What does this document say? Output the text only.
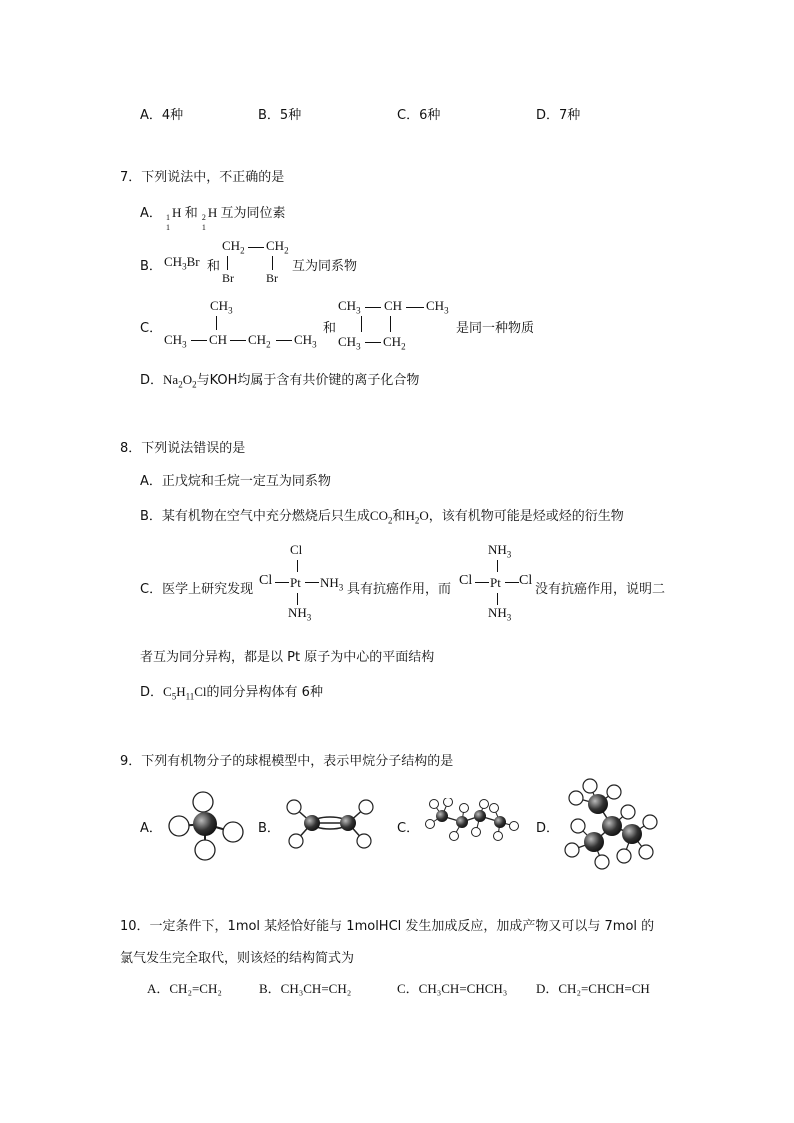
A．4种	B．5种	C．6种	D．7种
7．下列说法中，不正确的是
A． 1
1
H 和 2
1
H 互为同位素
B． $CH_3Br$ 和
$CH_2$ $CH_2$
Br	Br
互为同系物
C．
$CH_3$
$CH_3$ CH $CH_2$ $CH_3$
和
$CH_3$ CH $CH_3$
$CH_3$ $CH_2$
是同一种物质
D．$Na_2O_2$与KOH均属于含有共价键的离子化合物
8．下列说法错误的是
A．正戊烷和壬烷一定互为同系物
B．某有机物在空气中充分燃烧后只生成$CO_2$和$H_2O$，该有机物可能是烃或烃的衍生物
C．医学上研究发现
Cl
Cl Pt $NH_3$
$NH_3$
具有抗癌作用，而
$NH_3$
Cl Pt Cl
$NH_3$
没有抗癌作用，说明二
者互为同分异构，都是以 Pt 原子为中心的平面结构
D．$C_5H_{11}Cl$的同分异构体有 6种
9．下列有机物分子的球棍模型中，表示甲烷分子结构的是
A．	B．	C．	D．
10．一定条件下，1mol 某烃恰好能与 1molHCl 发生加成反应，加成产物又可以与 7mol 的
氯气发生完全取代，则该烃的结构简式为
A．CH₂=CH₂	B．CH₃CH=CH₂	C．CH₃CH=CHCH₃ D．CH₂=CHCH=CH
